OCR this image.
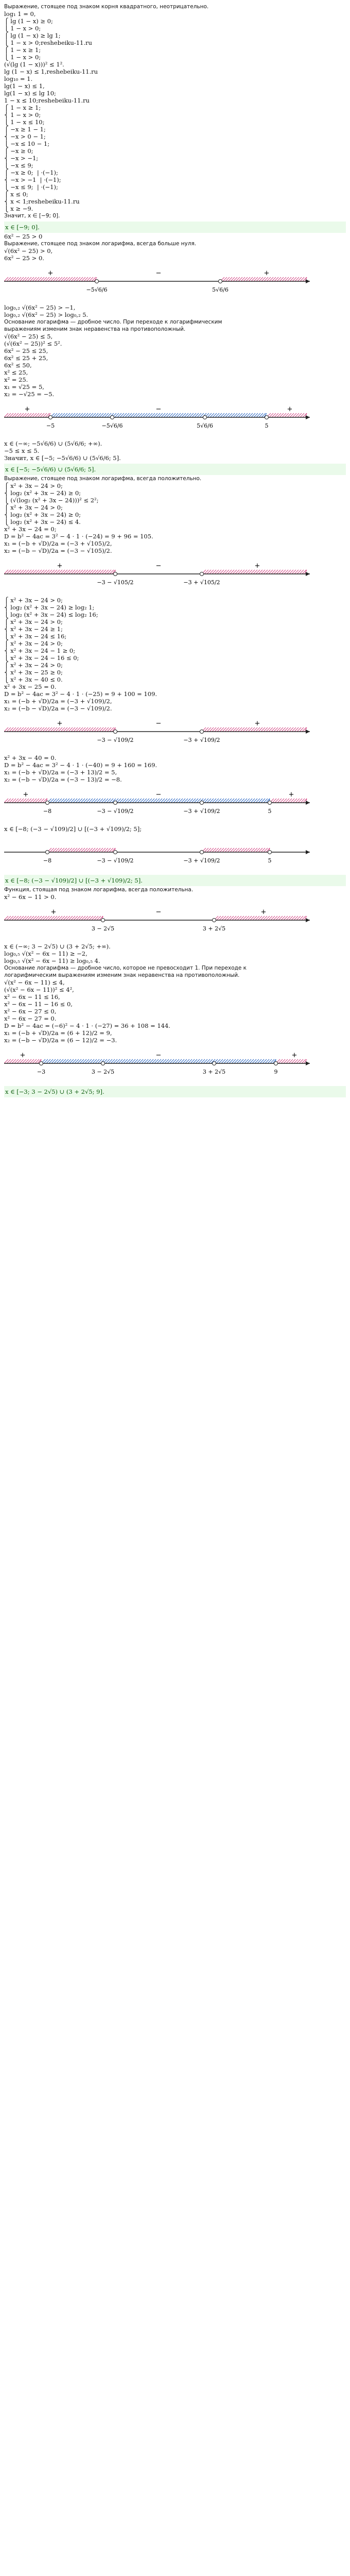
Выражение, стоящее под знаком корня квадратного, неотрицательно.
log₁ 1 = 0,
⎧ lg (1 − x) ≥ 0;
⎩ 1 − x > 0;
⎧ lg (1 − x) ≥ lg 1;
⎩ 1 − x > 0;reshebeiku-11.ru
⎧ 1 − x ≥ 1;
⎩ 1 − x > 0;
(√(lg (1 − x)))² ≤ 1².
lg (1 − x) ≤ 1,reshebeiku-11.ru
log₁₀ = 1.
lg(1 − x) ≤ 1,
lg(1 − x) ≤ lg 10;
1 − x ≤ 10;reshebeiku-11.ru
⎧ 1 − x ≥ 1;
⎨ 1 − x > 0;
⎩ 1 − x ≤ 10;
⎧ −x ≥ 1 − 1;
⎨ −x > 0 − 1;
⎩ −x ≤ 10 − 1;
⎧ −x ≥ 0;
⎨ −x > −1;
⎩ −x ≤ 9;
⎧ −x ≥ 0;  | ·(−1);
⎨ −x > −1  | ·(−1);
⎩ −x ≤ 9;  | ·(−1);
⎧ x ≤ 0;
⎨ x < 1;reshebeiku-11.ru
⎩ x ≥ −9.
Значит, x ∈ [−9; 0].
x ∈ [−9; 0].
6x² − 25 > 0
Выражение, стоящее под знаком логарифма, всегда больше нуля.
√(6x² − 25) > 0,
6x² − 25 > 0.
−5√6/6	5√6/6
+	−	+
log₀,₂ √(6x² − 25) > −1,
log₀,₂ √(6x² − 25) > log₀,₂ 5.
Основание логарифма — дробное число. При переходе к логарифмическим
выражениям изменим знак неравенства на противоположный.
√(6x² − 25) ≤ 5,
(√(6x² − 25))² ≤ 5².
6x² − 25 ≤ 25,
6x² ≤ 25 + 25,
6x² ≤ 50,
x² ≤ 25,
x² = 25.
x₁ = √25 = 5,
x₂ = −√25 = −5.
−5	−5√6/6	5√6/6	5
+	−	+
x ∈ (−∞; −5√6/6) ∪ (5√6/6; +∞).
−5 ≤ x ≤ 5.
Значит, x ∈ [−5; −5√6/6) ∪ (5√6/6; 5].
x ∈ [−5; −5√6/6) ∪ (5√6/6; 5].
Выражение, стоящее под знаком логарифма, всегда положительно.
⎧ x² + 3x − 24 > 0;
⎨ log₂ (x² + 3x − 24) ≥ 0;
⎩ (√(log₂ (x² + 3x − 24)))² ≤ 2²;
⎧ x² + 3x − 24 > 0;
⎨ log₂ (x² + 3x − 24) ≥ 0;
⎩ log₂ (x² + 3x − 24) ≤ 4.
x² + 3x − 24 = 0;
D = b² − 4ac = 3² − 4 · 1 · (−24) = 9 + 96 = 105.
x₁ = (−b + √D)/2a = (−3 + √105)/2,
x₂ = (−b − √D)/2a = (−3 − √105)/2.
−3 − √105/2	−3 + √105/2
+	−	+
⎧ x² + 3x − 24 > 0;
⎨ log₂ (x² + 3x − 24) ≥ log₂ 1;
⎩ log₂ (x² + 3x − 24) ≤ log₂ 16;
⎧ x² + 3x − 24 > 0;
⎨ x² + 3x − 24 ≥ 1;
⎩ x² + 3x − 24 ≤ 16;
⎧ x² + 3x − 24 > 0;
⎨ x² + 3x − 24 − 1 ≥ 0;
⎩ x² + 3x − 24 − 16 ≤ 0;
⎧ x² + 3x − 24 > 0;
⎨ x² + 3x − 25 ≥ 0;
⎩ x² + 3x − 40 ≤ 0.
x² + 3x − 25 = 0.
D = b² − 4ac = 3² − 4 · 1 · (−25) = 9 + 100 = 109.
x₁ = (−b + √D)/2a = (−3 + √109)/2,
x₂ = (−b − √D)/2a = (−3 − √109)/2.
−3 − √109/2	−3 + √109/2
+	−	+
x² + 3x − 40 = 0.
D = b² − 4ac = 3² − 4 · 1 · (−40) = 9 + 160 = 169.
x₁ = (−b + √D)/2a = (−3 + 13)/2 = 5,
x₂ = (−b − √D)/2a = (−3 − 13)/2 = −8.
−8	−3 − √109/2	−3 + √109/2	5
+	−	+
x ∈ [−8; (−3 − √109)/2] ∪ [(−3 + √109)/2; 5];
−8	−3 − √109/2	−3 + √109/2	5
x ∈ [−8; (−3 − √109)/2] ∪ [(−3 + √109)/2; 5].
Функция, стоящая под знаком логарифма, всегда положительна.
x² − 6x − 11 > 0.
3 − 2√5	3 + 2√5
+	−	+
x ∈ (−∞; 3 − 2√5) ∪ (3 + 2√5; +∞).
log₀,₅ √(x² − 6x − 11) ≥ −2,
log₀,₅ √(x² − 6x − 11) ≥ log₀,₅ 4.
Основание логарифма — дробное число, которое не превосходит 1. При переходе к
логарифмическим выражениям изменим знак неравенства на противоположный.
√(x² − 6x − 11) ≤ 4,
(√(x² − 6x − 11))² ≤ 4²,
x² − 6x − 11 ≤ 16,
x² − 6x − 11 − 16 ≤ 0,
x² − 6x − 27 ≤ 0,
x² − 6x − 27 = 0.
D = b² − 4ac = (−6)² − 4 · 1 · (−27) = 36 + 108 = 144.
x₁ = (−b + √D)/2a = (6 + 12)/2 = 9,
x₂ = (−b − √D)/2a = (6 − 12)/2 = −3.
−3	3 − 2√5	3 + 2√5	9
+	−	+
x ∈ [−3; 3 − 2√5) ∪ (3 + 2√5; 9].
